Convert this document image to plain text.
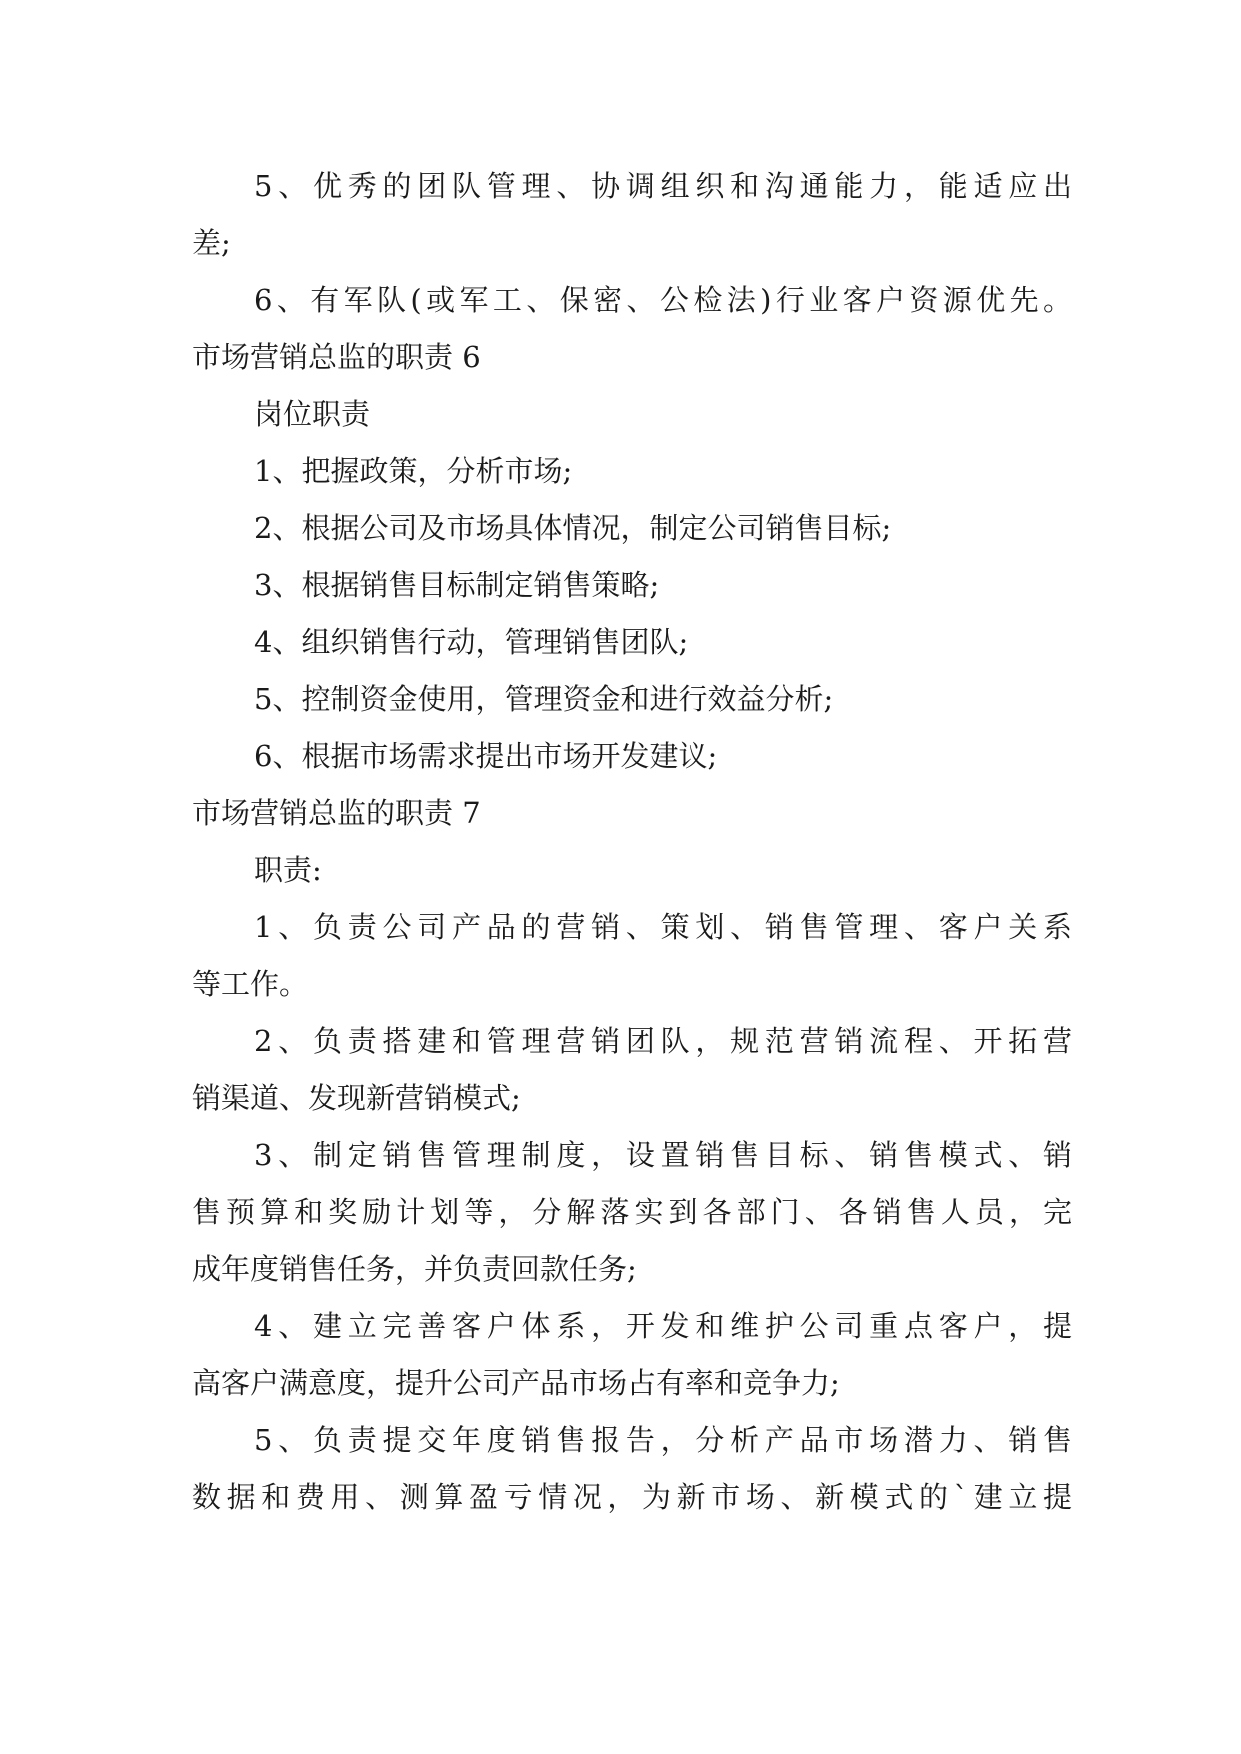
5、优秀的团队管理、协调组织和沟通能力，能适应出
差;
6、有军队(或军工、保密、公检法)行业客户资源优先。
市场营销总监的职责 6
岗位职责
1、把握政策，分析市场;
2、根据公司及市场具体情况，制定公司销售目标;
3、根据销售目标制定销售策略;
4、组织销售行动，管理销售团队;
5、控制资金使用，管理资金和进行效益分析;
6、根据市场需求提出市场开发建议;
市场营销总监的职责 7
职责:
1、负责公司产品的营销、策划、销售管理、客户关系
等工作。
2、负责搭建和管理营销团队，规范营销流程、开拓营
销渠道、发现新营销模式;
3、制定销售管理制度，设置销售目标、销售模式、销
售预算和奖励计划等，分解落实到各部门、各销售人员，完
成年度销售任务，并负责回款任务;
4、建立完善客户体系，开发和维护公司重点客户，提
高客户满意度，提升公司产品市场占有率和竞争力;
5、负责提交年度销售报告，分析产品市场潜力、销售
数据和费用、测算盈亏情况，为新市场、新模式的`建立提
